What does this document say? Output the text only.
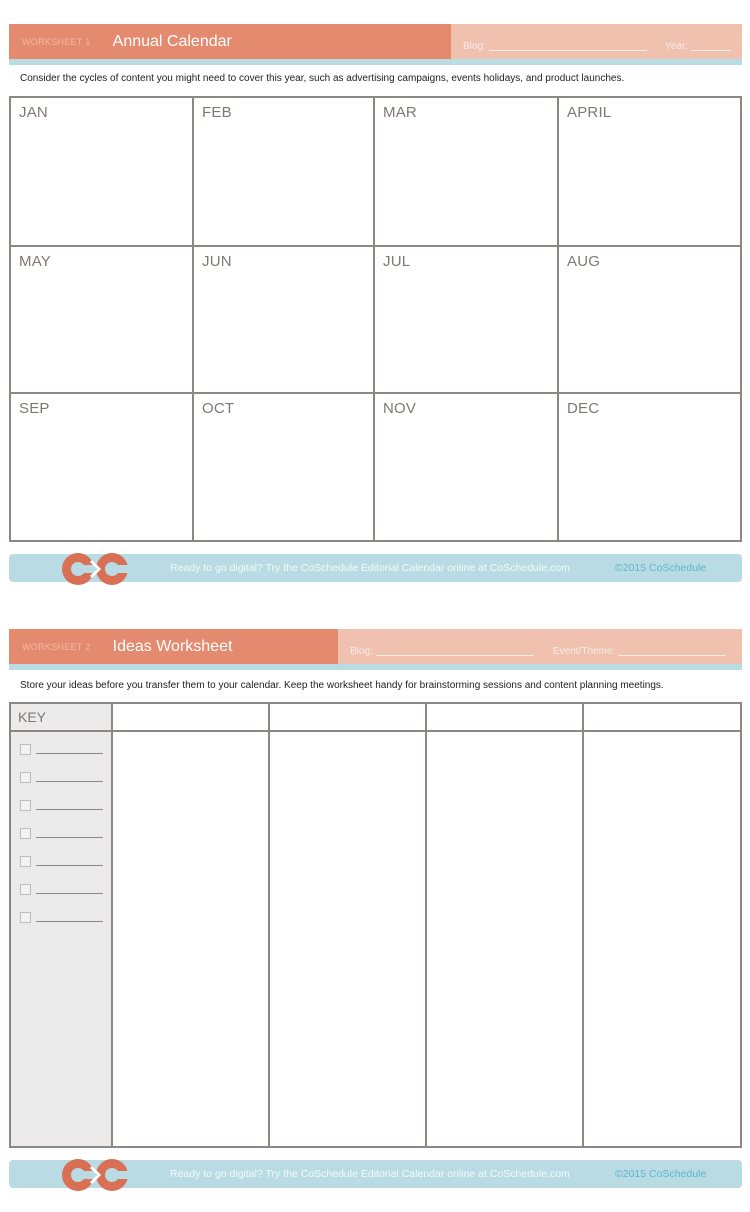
WORKSHEET 1 Annual Calendar	Blog:	Year:
Consider the cycles of content you might need to cover this year, such as advertising campaigns, events holidays, and product launches.
JAN	FEB	MAR	APRIL
MAY	JUN	JUL	AUG
SEP	OCT	NOV	DEC
Ready to go digital? Try the CoSchedule Editorial Calendar online at CoSchedule.com	©2015 CoSchedule
WORKSHEET 2 Ideas Worksheet	Blog:	Event/Theme:
Store your ideas before you transfer them to your calendar. Keep the worksheet handy for brainstorming sessions and content planning meetings.
KEY
Ready to go digital? Try the CoSchedule Editorial Calendar online at CoSchedule.com	©2015 CoSchedule
